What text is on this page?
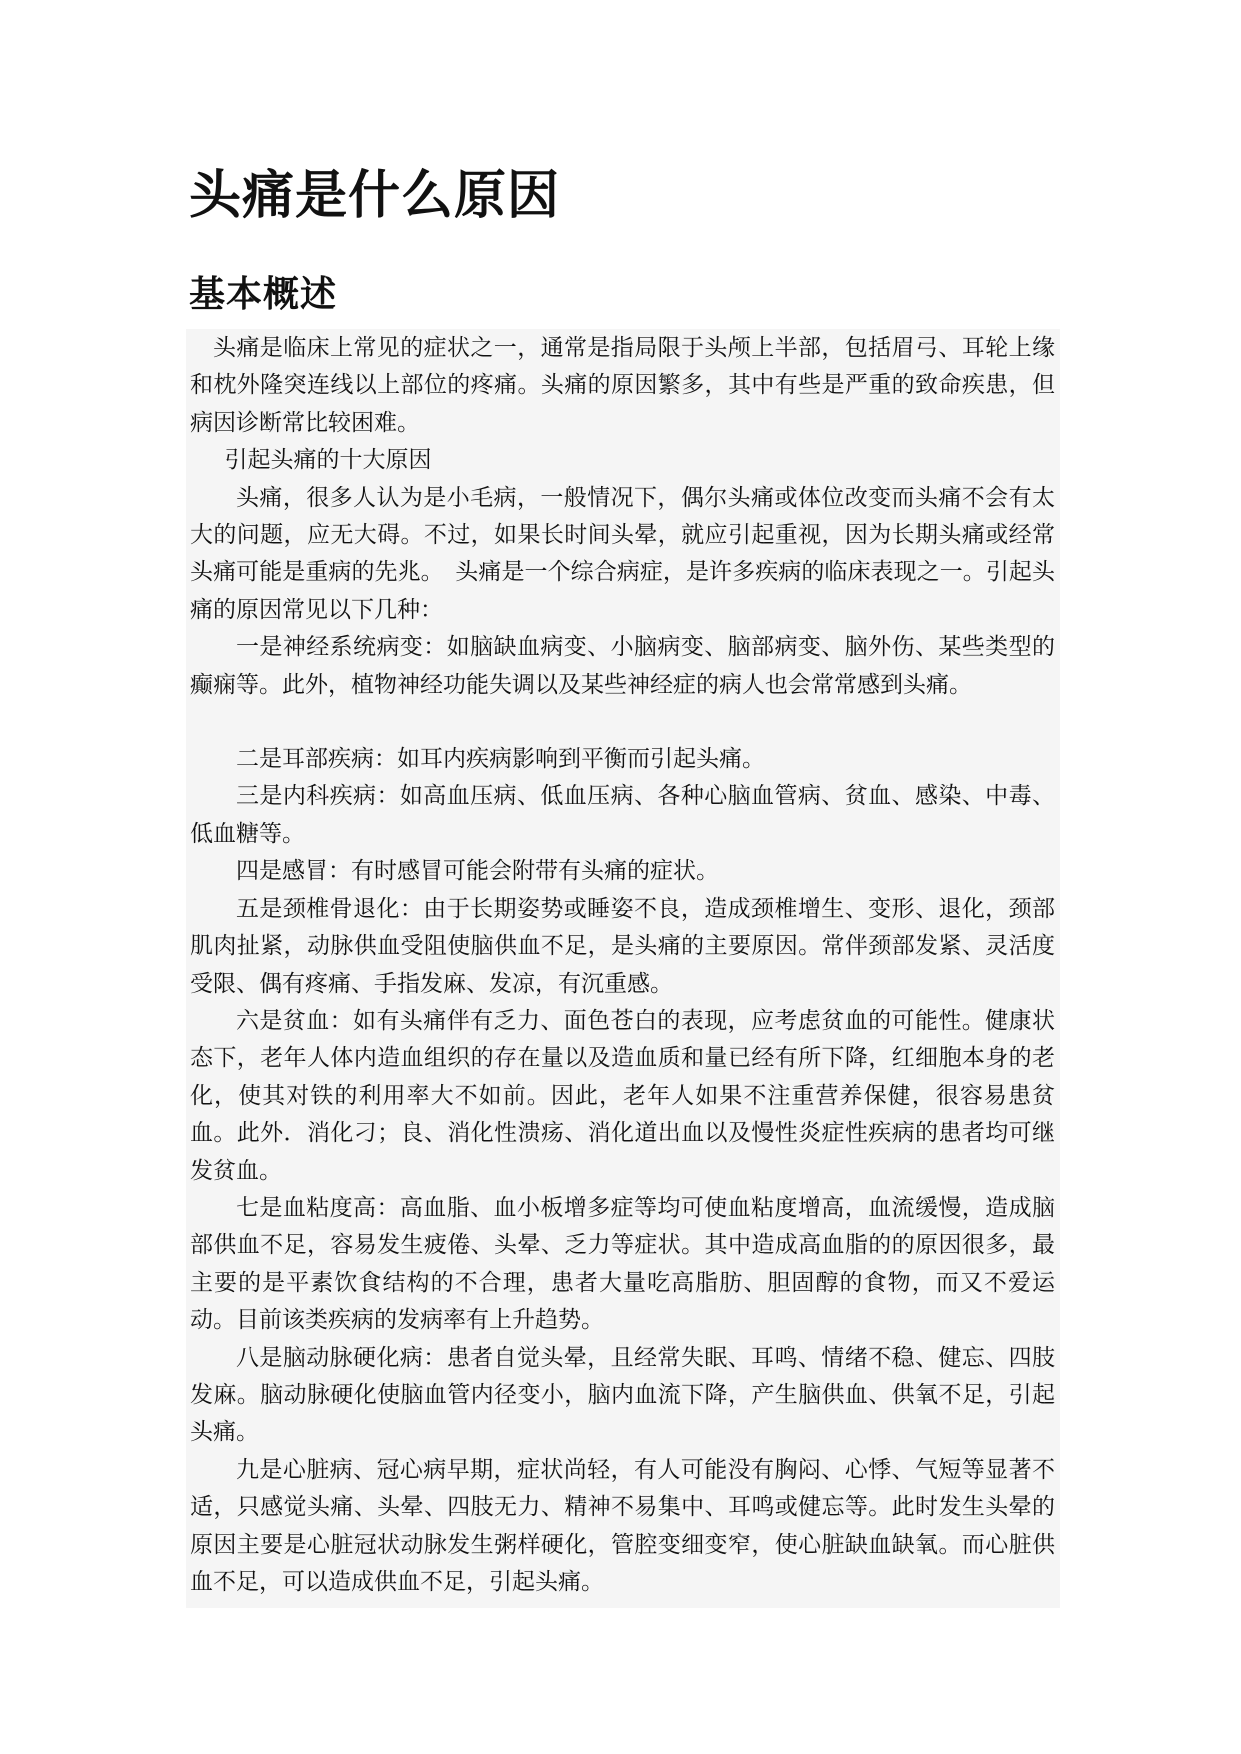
头痛是什么原因
基本概述

头痛是临床上常见的症状之一，通常是指局限于头颅上半部，包括眉弓、耳轮上缘和枕外隆突连线以上部位的疼痛。头痛的原因繁多，其中有些是严重的致命疾患，但病因诊断常比较困难。

引起头痛的十大原因

头痛，很多人认为是小毛病，一般情况下，偶尔头痛或体位改变而头痛不会有太大的问题，应无大碍。不过，如果长时间头晕，就应引起重视，因为长期头痛或经常头痛可能是重病的先兆。　头痛是一个综合病症，是许多疾病的临床表现之一。引起头痛的原因常见以下几种：

一是神经系统病变：如脑缺血病变、小脑病变、脑部病变、脑外伤、某些类型的癫痫等。此外，植物神经功能失调以及某些神经症的病人也会常常感到头痛。

二是耳部疾病：如耳内疾病影响到平衡而引起头痛。

三是内科疾病：如高血压病、低血压病、各种心脑血管病、贫血、感染、中毒、低血糖等。

四是感冒：有时感冒可能会附带有头痛的症状。

五是颈椎骨退化：由于长期姿势或睡姿不良，造成颈椎增生、变形、退化，颈部肌肉扯紧，动脉供血受阻使脑供血不足，是头痛的主要原因。常伴颈部发紧、灵活度受限、偶有疼痛、手指发麻、发凉，有沉重感。

六是贫血：如有头痛伴有乏力、面色苍白的表现，应考虑贫血的可能性。健康状态下，老年人体内造血组织的存在量以及造血质和量已经有所下降，红细胞本身的老化，使其对铁的利用率大不如前。因此，老年人如果不注重营养保健，很容易患贫血。此外．消化刁；良、消化性溃疡、消化道出血以及慢性炎症性疾病的患者均可继发贫血。

七是血粘度高：高血脂、血小板增多症等均可使血粘度增高，血流缓慢，造成脑部供血不足，容易发生疲倦、头晕、乏力等症状。其中造成高血脂的的原因很多，最主要的是平素饮食结构的不合理，患者大量吃高脂肪、胆固醇的食物，而又不爱运动。目前该类疾病的发病率有上升趋势。

八是脑动脉硬化病：患者自觉头晕，且经常失眠、耳鸣、情绪不稳、健忘、四肢发麻。脑动脉硬化使脑血管内径变小，脑内血流下降，产生脑供血、供氧不足，引起头痛。

九是心脏病、冠心病早期，症状尚轻，有人可能没有胸闷、心悸、气短等显著不适，只感觉头痛、头晕、四肢无力、精神不易集中、耳鸣或健忘等。此时发生头晕的原因主要是心脏冠状动脉发生粥样硬化，管腔变细变窄，使心脏缺血缺氧。而心脏供血不足，可以造成供血不足，引起头痛。
